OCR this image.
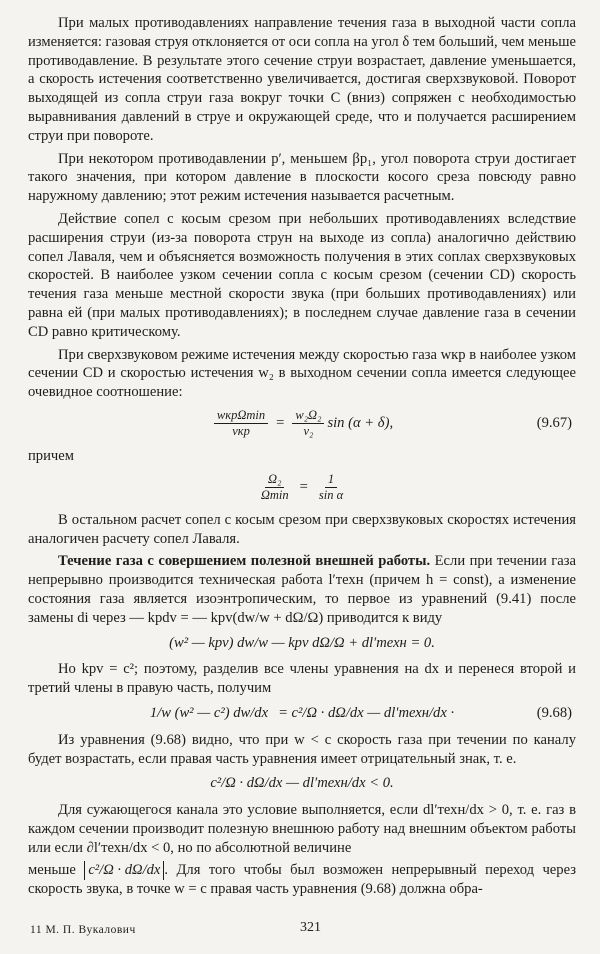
При малых противодавлениях направление течения газа в выходной части сопла изменяется: газовая струя отклоняется от оси сопла на угол δ тем больший, чем меньше противодавление. В результате этого сечение струи возрастает, давление уменьшается, а скорость истечения соответственно увеличивается, достигая сверхзвуковой. Поворот выходящей из сопла струи газа вокруг точки C (вниз) сопряжен с необходимостью выравнивания давлений в струе и окружающей среде, что и получается расширением струи при повороте.

При некотором противодавлении p′, меньшем βp₁, угол поворота струи достигает такого значения, при котором давление в плоскости косого среза повсюду равно наружному давлению; этот режим истечения называется расчетным.

Действие сопел с косым срезом при небольших противодавлениях вследствие расширения струи (из-за поворота струн на выходе из сопла) аналогично действию сопел Лаваля, чем и объясняется возможность получения в этих соплах сверхзвуковых скоростей. В наиболее узком сечении сопла с косым срезом (сечении CD) скорость течения газа меньше местной скорости звука (при больших противодавлениях) или равна ей (при малых противодавлениях); в последнем случае давление газа в сечении CD равно критическому.

При сверхзвуковом режиме истечения между скоростью газа wкр в наиболее узком сечении CD и скоростью истечения w₂ в выходном сечении сопла имеется следующее очевидное соотношение:

$\frac{\text{wкрΩmin}}{\text{vкр}} = \frac{\text{w₂Ω₂}}{\text{v₂}}$ sin (α + δ),	(9.67)

причем

$\frac{\text{Ω₂}}{\Omega\min} = \frac{1}{\text{sin α}}$

В остальном расчет сопел с косым срезом при сверхзвуковых скоростях истечения аналогичен расчету сопел Лаваля.

Течение газа с совершением полезной внешней работы. Если при течении газа непрерывно производится техническая работа l′техн (причем h = const), а изменение состояния газа является изоэнтропическим, то первое из уравнений (9.41) после замены di через — kpdv = — kpv(dw/w + dΩ/Ω) приводится к виду

(w² — kpv) dw/w — kpv dΩ/Ω + dl′техн = 0.

Но kpv = c²; поэтому, разделив все члены уравнения на dx и перенеся второй и третий члены в правую часть, получим

1/w (w² — c²) dw/dx = c²/Ω · dΩ/dx — dl′техн/dx ·	(9.68)

Из уравнения (9.68) видно, что при w < c скорость газа при течении по каналу будет возрастать, если правая часть уравнения имеет отрицательный знак, т. е.

c²/Ω · dΩ/dx — dl′техн/dx < 0.

Для сужающегося канала это условие выполняется, если dl′техн/dx > 0, т. е. газ в каждом сечении производит полезную внешнюю работу над внешним объектом работы или если ∂l′техн/dx < 0, но по абсолютной величине

меньше c²/Ω · dΩ/dx . Для того чтобы был возможен непрерывный переход через скорость звука, в точке w = c правая часть уравнения (9.68) должна обра-

11 М. П. Вукалович	321
